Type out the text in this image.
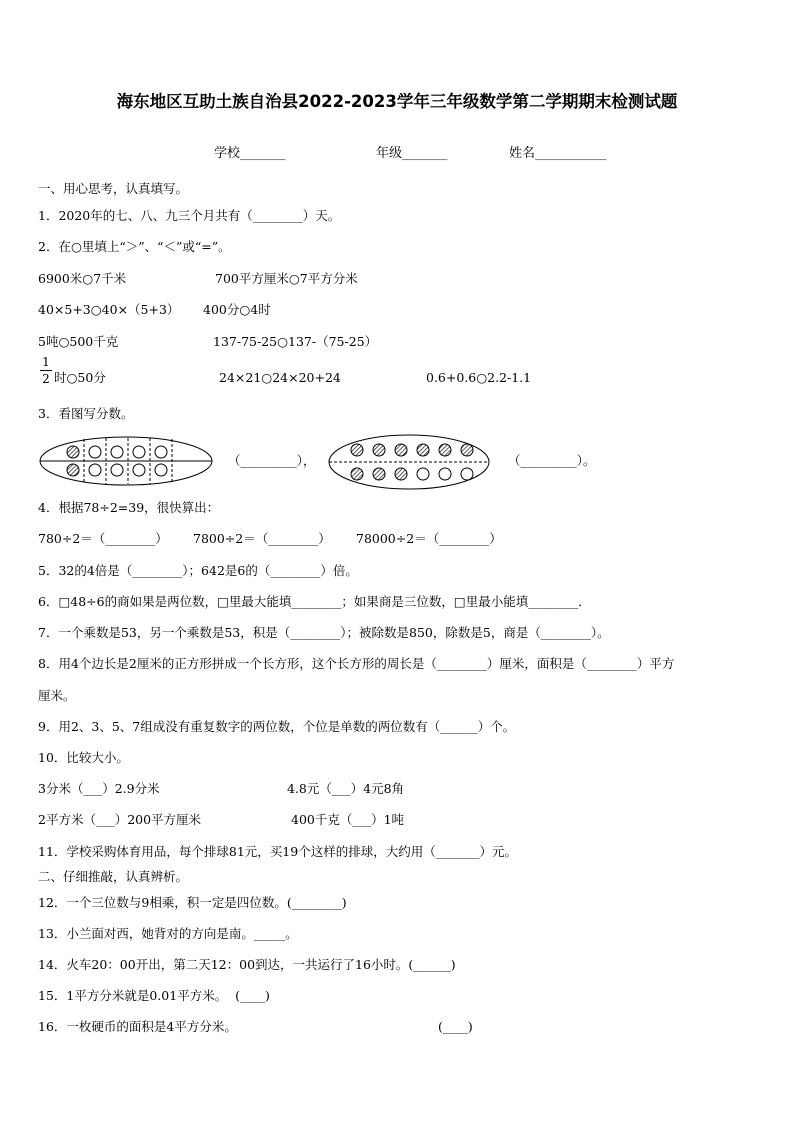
海东地区互助土族自治县2022-2023学年三年级数学第二学期期末检测试题
学校_______	年级_______	姓名___________
一、用心思考，认真填写。
1．2020年的七、八、九三个月共有（________）天。
2．在○里填上“＞”、“＜”或“=”。
6900米○7千米	700平方厘米○7平方分米
40×5+3○40×（5+3） 400分○4时
5吨○500千克	137-75-25○137-（75-25）
1
2 时○50分	24×21○24×20+24	0.6+0.6○2.2-1.1
3．看图写分数。
（_________），	（_________）。
4．根据78÷2=39，很快算出：
780÷2＝（________） 7800÷2＝（________） 78000÷2＝（________）
5．32的4倍是（________）；642是6的（________）倍。
6．□48÷6的商如果是两位数，□里最大能填________；如果商是三位数，□里最小能填________．
7．一个乘数是53，另一个乘数是53，积是（________）；被除数是850，除数是5，商是（________）。
8．用4个边长是2厘米的正方形拼成一个长方形，这个长方形的周长是（________）厘米，面积是（________）平方
厘米。
9．用2、3、5、7组成没有重复数字的两位数，个位是单数的两位数有（______）个。
10．比较大小。
3分米（___）2.9分米	4.8元（___）4元8角
2平方米（___）200平方厘米	400千克（___）1吨
11．学校采购体育用品，每个排球81元，买19个这样的排球，大约用（_______）元。
二、仔细推敲，认真辨析。
12．一个三位数与9相乘，积一定是四位数。(________)
13．小兰面对西，她背对的方向是南。_____。
14．火车20：00开出，第二天12：00到达，一共运行了16小时。(______)
15．1平方分米就是0.01平方米。  (____)
16．一枚硬币的面积是4平方分米。	(____)
